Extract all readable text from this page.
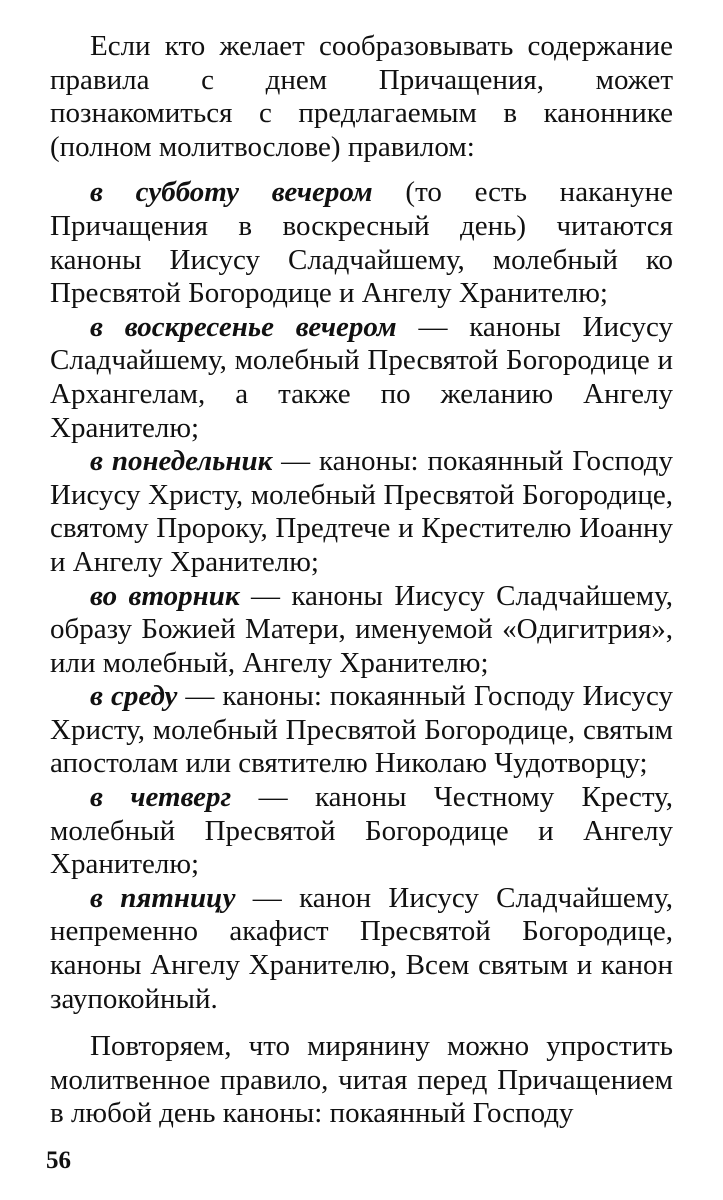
Если кто желает сообразовывать содержание правила с днем Причащения, может познакомиться с предлагаемым в каноннике (полном молитвослове) правилом:

в субботу вечером (то есть накануне Причащения в воскресный день) читаются каноны Иисусу Сладчайшему, молебный ко Пресвятой Богородице и Ангелу Хранителю;

в воскресенье вечером — каноны Иисусу Сладчайшему, молебный Пресвятой Богородице и Архангелам, а также по желанию Ангелу Хранителю;

в понедельник — каноны: покаянный Господу Иисусу Христу, молебный Пресвятой Богородице, святому Пророку, Предтече и Крестителю Иоанну и Ангелу Хранителю;

во вторник — каноны Иисусу Сладчайшему, образу Божией Матери, именуемой «Одигитрия», или молебный, Ангелу Хранителю;

в среду — каноны: покаянный Господу Иисусу Христу, молебный Пресвятой Богородице, святым апостолам или святителю Николаю Чудотворцу;

в четверг — каноны Честному Кресту, молебный Пресвятой Богородице и Ангелу Хранителю;

в пятницу — канон Иисусу Сладчайшему, непременно акафист Пресвятой Богородице, каноны Ангелу Хранителю, Всем святым и канон заупокойный.

Повторяем, что мирянину можно упростить молитвенное правило, читая перед Причащением в любой день каноны: покаянный Господу

56
